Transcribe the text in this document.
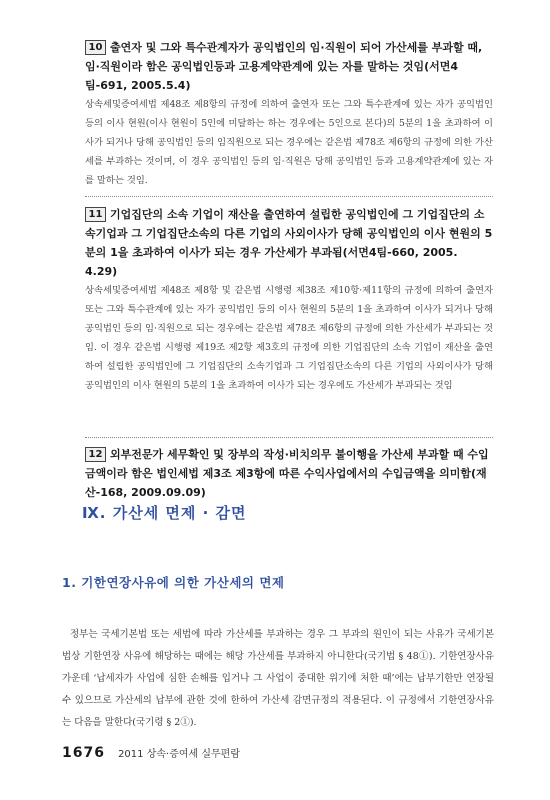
10 출연자 및 그와 특수관계자가 공익법인의 임·직원이 되어 가산세를 부과할 때, 임·직원이라 함은 공익법인등과 고용계약관계에 있는 자를 말하는 것임(서면4팀-691, 2005.5.4)

상속세및증여세법 제48조 제8항의 규정에 의하여 출연자 또는 그와 특수관계에 있는 자가 공익법인 등의 이사 현원(이사 현원이 5인에 미달하는 하는 경우에는 5인으로 본다)의 5분의 1을 초과하여 이사가 되거나 당해 공익법인 등의 임직원으로 되는 경우에는 같은법 제78조 제6항의 규정에 의한 가산세를 부과하는 것이며, 이 경우 공익법인 등의 임·직원은 당해 공익법인 등과 고용계약관계에 있는 자를 말하는 것임.

11 기업집단의 소속 기업이 재산을 출연하여 설립한 공익법인에 그 기업집단의 소속기업과 그 기업집단소속의 다른 기업의 사외이사가 당해 공익법인의 이사 현원의 5분의 1을 초과하여 이사가 되는 경우 가산세가 부과됨(서면4팀-660, 2005. 4.29)

상속세및증여세법 제48조 제8항 및 같은법 시행령 제38조 제10항·제11항의 규정에 의하여 출연자 또는 그와 특수관계에 있는 자가 공익법인 등의 이사 현원의 5분의 1을 초과하여 이사가 되거나 당해 공익법인 등의 임·직원으로 되는 경우에는 같은법 제78조 제6항의 규정에 의한 가산세가 부과되는 것임. 이 경우 같은법 시행령 제19조 제2항 제3호의 규정에 의한 기업집단의 소속 기업이 재산을 출연하여 설립한 공익법인에 그 기업집단의 소속기업과 그 기업집단소속의 다른 기업의 사외이사가 당해 공익법인의 이사 현원의 5분의 1을 초과하여 이사가 되는 경우에도 가산세가 부과되는 것임

12 외부전문가 세무확인 및 장부의 작성·비치의무 불이행을 가산세 부과할 때 수입금액이라 함은 법인세법 제3조 제3항에 따른 수익사업에서의 수입금액을 의미함(재산-168, 2009.09.09)

Ⅸ. 가산세 면제 · 감면
1. 기한연장사유에 의한 가산세의 면제

정부는 국세기본법 또는 세법에 따라 가산세를 부과하는 경우 그 부과의 원인이 되는 사유가 국세기본법상 기한연장 사유에 해당하는 때에는 해당 가산세를 부과하지 아니한다(국기법 § 48①). 기한연장사유 가운데 ‘납세자가 사업에 심한 손해를 입거나 그 사업이 중대한 위기에 처한 때’에는 납부기한만 연장될 수 있으므로 가산세의 납부에 관한 것에 한하여 가산세 감면규정의 적용된다. 이 규정에서 기한연장사유는 다음을 말한다(국기령 § 2①).

1676 2011 상속·증여세 실무편람
